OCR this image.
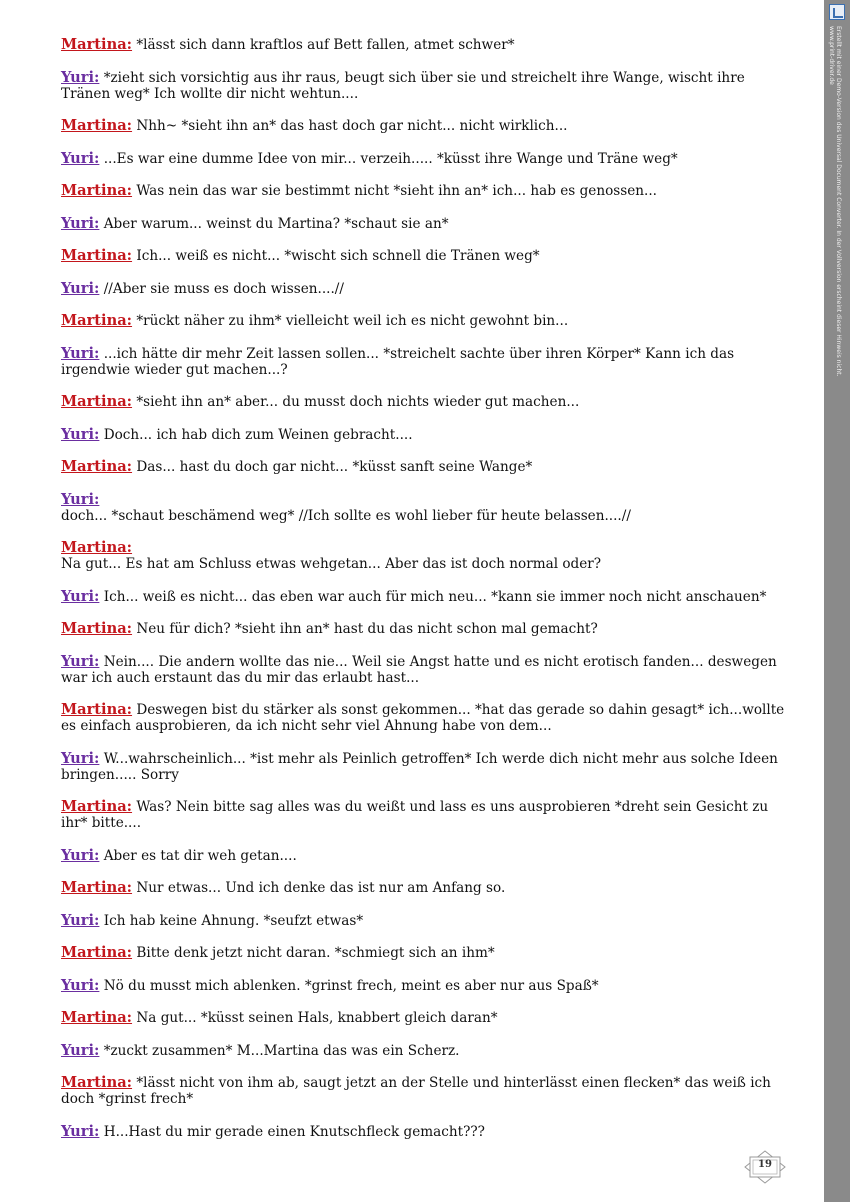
Martina: *lässt sich dann kraftlos auf Bett fallen, atmet schwer*
Yuri: *zieht sich vorsichtig aus ihr raus, beugt sich über sie und streichelt ihre Wange, wischt ihre Tränen weg* Ich wollte dir nicht wehtun....
Martina: Nhh~ *sieht ihn an* das hast doch gar nicht... nicht wirklich...
Yuri: ...Es war eine dumme Idee von mir... verzeih..... *küsst ihre Wange und Träne weg*
Martina: Was nein das war sie bestimmt nicht *sieht ihn an* ich... hab es genossen...
Yuri: Aber warum... weinst du Martina? *schaut sie an*
Martina: Ich... weiß es nicht... *wischt sich schnell die Tränen weg*
Yuri: //Aber sie muss es doch wissen....//
Martina: *rückt näher zu ihm* vielleicht weil ich es nicht gewohnt bin...
Yuri: ...ich hätte dir mehr Zeit lassen sollen... *streichelt sachte über ihren Körper* Kann ich das irgendwie wieder gut machen...?
Martina: *sieht ihn an* aber... du musst doch nichts wieder gut machen...
Yuri: Doch... ich hab dich zum Weinen gebracht....
Martina: Das... hast du doch gar nicht... *küsst sanft seine Wange*
Yuri:
doch... *schaut beschämend weg* //Ich sollte es wohl lieber für heute belassen....//
Martina:
Na gut... Es hat am Schluss etwas wehgetan... Aber das ist doch normal oder?
Yuri: Ich... weiß es nicht... das eben war auch für mich neu... *kann sie immer noch nicht anschauen*
Martina: Neu für dich? *sieht ihn an* hast du das nicht schon mal gemacht?
Yuri: Nein.... Die andern wollte das nie... Weil sie Angst hatte und es nicht erotisch fanden... deswegen war ich auch erstaunt das du mir das erlaubt hast...
Martina: Deswegen bist du stärker als sonst gekommen... *hat das gerade so dahin gesagt* ich...wollte es einfach ausprobieren, da ich nicht sehr viel Ahnung habe von dem...
Yuri: W...wahrscheinlich... *ist mehr als Peinlich getroffen* Ich werde dich nicht mehr aus solche Ideen bringen..... Sorry
Martina: Was? Nein bitte sag alles was du weißt und lass es uns ausprobieren *dreht sein Gesicht zu ihr* bitte....
Yuri: Aber es tat dir weh getan....
Martina: Nur etwas... Und ich denke das ist nur am Anfang so.
Yuri: Ich hab keine Ahnung. *seufzt etwas*
Martina: Bitte denk jetzt nicht daran. *schmiegt sich an ihm*
Yuri: Nö du musst mich ablenken. *grinst frech, meint es aber nur aus Spaß*
Martina: Na gut... *küsst seinen Hals, knabbert gleich daran*
Yuri: *zuckt zusammen* M...Martina das was ein Scherz.
Martina: *lässt nicht von ihm ab, saugt jetzt an der Stelle und hinterlässt einen flecken* das weiß ich doch *grinst frech*
Yuri: H...Hast du mir gerade einen Knutschfleck gemacht???
19
Erstellt mit einer Demo-Version des Universal Document Converter. In der Vollversion erscheint dieser Hinweis nicht.
www.print-driver.de
